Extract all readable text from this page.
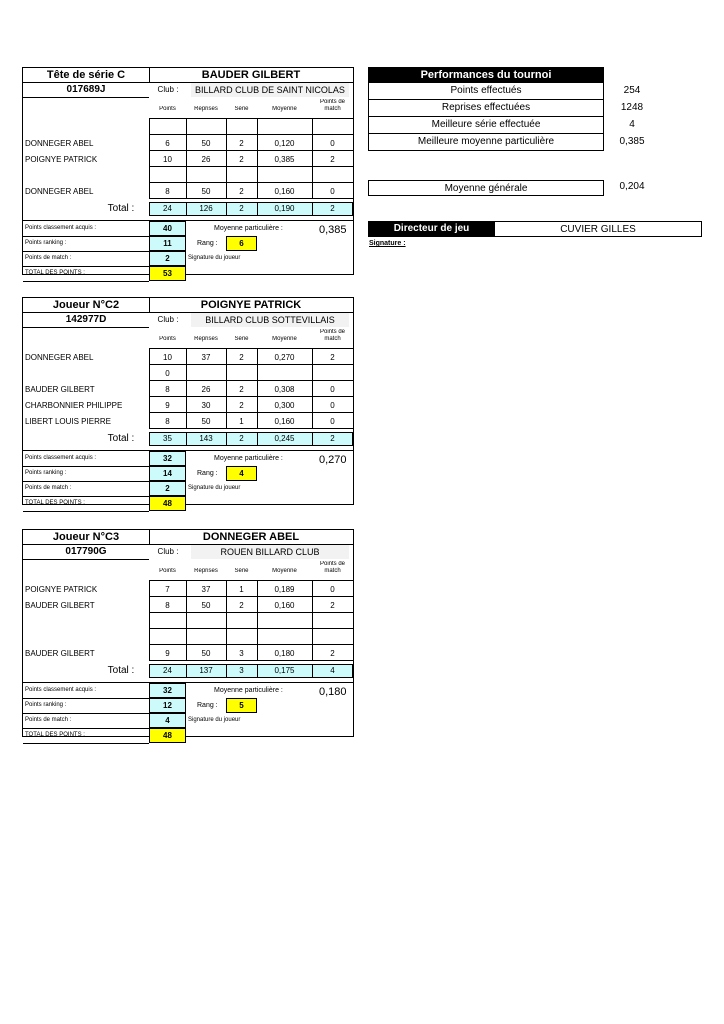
Tête de série C	BAUDER GILBERT
017689J	Club :	BILLARD CLUB DE SAINT NICOLAS
Points	Reprises	Série	Moyenne
Points de match
DONNEGER ABEL	6	50	2	0,120	0
POIGNYE PATRICK	10	26	2	0,385	2
DONNEGER ABEL	8	50	2	0,160	0
Total :	24	126	2	0,190	2
Points classement acquis :	40
Points ranking :	11
Points de match :	2
TOTAL DES POINTS :	53
Moyenne particulière :	0,385
Rang :	6
Signature du joueur
Joueur N°C2	POIGNYE PATRICK
142977D	Club :	BILLARD CLUB SOTTEVILLAIS
Points	Reprises	Série	Moyenne
Points de match
DONNEGER ABEL	10	37	2	0,270	2
0
BAUDER GILBERT	8	26	2	0,308	0
CHARBONNIER PHILIPPE	9	30	2	0,300	0
LIBERT LOUIS PIERRE	8	50	1	0,160	0
Total :	35	143	2	0,245	2
Points classement acquis :	32
Points ranking :	14
Points de match :	2
TOTAL DES POINTS :	48
Moyenne particulière :	0,270
Rang :	4
Signature du joueur
Joueur N°C3	DONNEGER ABEL
017790G	Club :	ROUEN BILLARD CLUB
Points	Reprises	Série	Moyenne
Points de match
POIGNYE PATRICK	7	37	1	0,189	0
BAUDER GILBERT	8	50	2	0,160	2
BAUDER GILBERT	9	50	3	0,180	2
Total :	24	137	3	0,175	4
Points classement acquis :	32
Points ranking :	12
Points de match :	4
TOTAL DES POINTS :	48
Moyenne particulière :	0,180
Rang :	5
Signature du joueur
Performances du tournoi
Points effectués	254
Reprises effectuées	1248
Meilleure série effectuée	4
Meilleure moyenne particulière	0,385
Moyenne générale	0,204
Directeur de jeu	CUVIER GILLES
Signature :
